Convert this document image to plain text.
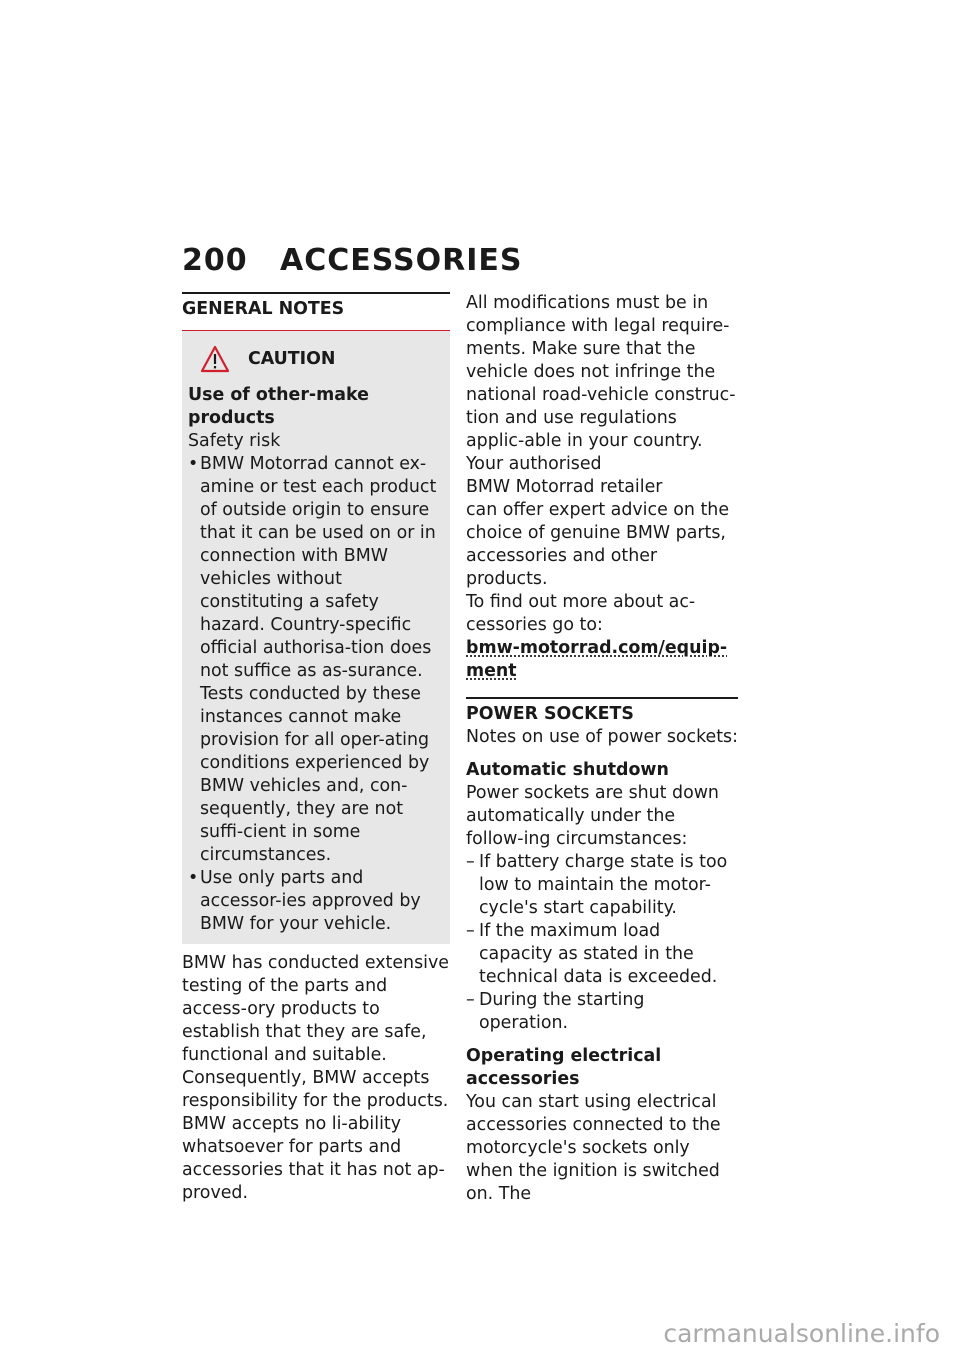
200	ACCESSORIES
GENERAL NOTES
CAUTION
Use of other-make products
Safety risk
• BMW Motorrad cannot ex-amine or test each product of outside origin to ensure that it can be used on or in connection with BMW vehicles without constituting a safety hazard. Country-specific official authorisa-tion does not suffice as as-surance. Tests conducted by these instances cannot make provision for all oper-ating conditions experienced by BMW vehicles and, con-sequently, they are not suffi-cient in some circumstances.
• Use only parts and accessor-ies approved by BMW for your vehicle.

BMW has conducted extensive testing of the parts and access-ory products to establish that they are safe, functional and suitable. Consequently, BMW accepts responsibility for the products. BMW accepts no li-ability whatsoever for parts and accessories that it has not ap-proved.

All modifications must be in compliance with legal require-ments. Make sure that the vehicle does not infringe the national road-vehicle construc-tion and use regulations applic-able in your country.

Your authorised

BMW Motorrad retailer

can offer expert advice on the choice of genuine BMW parts, accessories and other products.

To find out more about ac-cessories go to:

bmw-motorrad.com/equip-ment

POWER SOCKETS

Notes on use of power sockets:

Automatic shutdown

Power sockets are shut down automatically under the follow-ing circumstances:

– If battery charge state is too low to maintain the motor-cycle's start capability.
– If the maximum load capacity as stated in the technical data is exceeded.
– During the starting operation.

Operating electrical accessories

You can start using electrical accessories connected to the motorcycle's sockets only when the ignition is switched on. The

carmanualsonline.info
